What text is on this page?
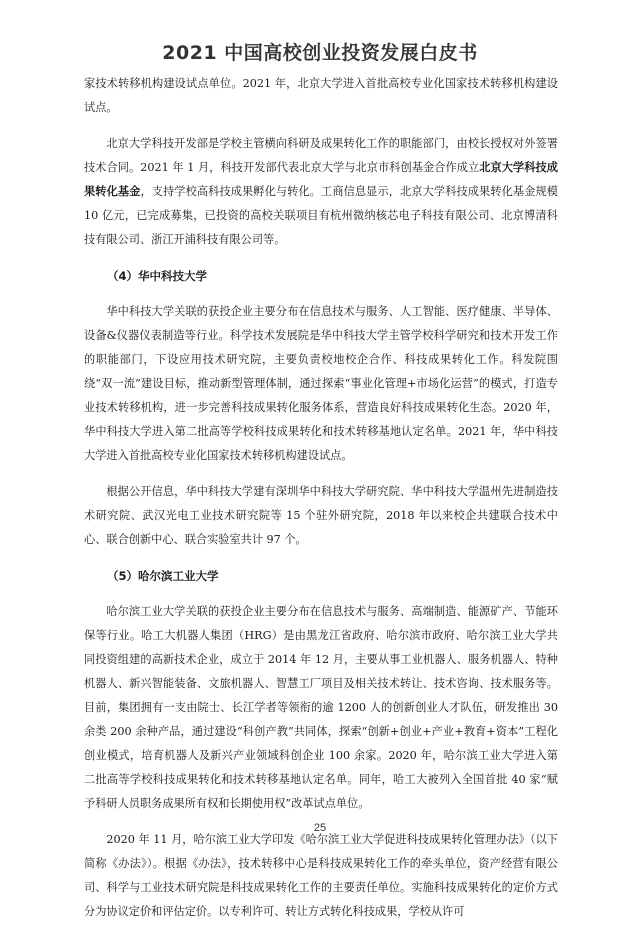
2021 中国高校创业投资发展白皮书

家技术转移机构建设试点单位。2021 年，北京大学进入首批高校专业化国家技术转移机构建设试点。

北京大学科技开发部是学校主管横向科研及成果转化工作的职能部门，由校长授权对外签署技术合同。2021 年 1 月，科技开发部代表北京大学与北京市科创基金合作成立北京大学科技成果转化基金，支持学校高科技成果孵化与转化。工商信息显示，北京大学科技成果转化基金规模 10 亿元，已完成募集，已投资的高校关联项目有杭州微纳核芯电子科技有限公司、北京博清科技有限公司、浙江开浦科技有限公司等。

（4）华中科技大学

华中科技大学关联的获投企业主要分布在信息技术与服务、人工智能、医疗健康、半导体、设备&仪器仪表制造等行业。科学技术发展院是华中科技大学主管学校科学研究和技术开发工作的职能部门，下设应用技术研究院，主要负责校地校企合作、科技成果转化工作。科发院围绕“双一流”建设目标，推动新型管理体制，通过探索“事业化管理+市场化运营”的模式，打造专业技术转移机构，进一步完善科技成果转化服务体系，营造良好科技成果转化生态。2020 年，华中科技大学进入第二批高等学校科技成果转化和技术转移基地认定名单。2021 年，华中科技大学进入首批高校专业化国家技术转移机构建设试点。

根据公开信息，华中科技大学建有深圳华中科技大学研究院、华中科技大学温州先进制造技术研究院、武汉光电工业技术研究院等 15 个驻外研究院，2018 年以来校企共建联合技术中心、联合创新中心、联合实验室共计 97 个。

（5）哈尔滨工业大学

哈尔滨工业大学关联的获投企业主要分布在信息技术与服务、高端制造、能源矿产、节能环保等行业。哈工大机器人集团（HRG）是由黑龙江省政府、哈尔滨市政府、哈尔滨工业大学共同投资组建的高新技术企业，成立于 2014 年 12 月，主要从事工业机器人、服务机器人、特种机器人、新兴智能装备、文旅机器人、智慧工厂项目及相关技术转让、技术咨询、技术服务等。目前，集团拥有一支由院士、长江学者等领衔的逾 1200 人的创新创业人才队伍，研发推出 30 余类 200 余种产品，通过建设“科创产教”共同体，探索“创新+创业+产业+教育+资本”工程化创业模式，培育机器人及新兴产业领域科创企业 100 余家。2020 年，哈尔滨工业大学进入第二批高等学校科技成果转化和技术转移基地认定名单。同年，哈工大被列入全国首批 40 家“赋予科研人员职务成果所有权和长期使用权”改革试点单位。

2020 年 11 月，哈尔滨工业大学印发《哈尔滨工业大学促进科技成果转化管理办法》（以下简称《办法》）。根据《办法》，技术转移中心是科技成果转化工作的牵头单位，资产经营有限公司、科学与工业技术研究院是科技成果转化工作的主要责任单位。实施科技成果转化的定价方式分为协议定价和评估定价。以专利许可、转让方式转化科技成果，学校从许可

25
